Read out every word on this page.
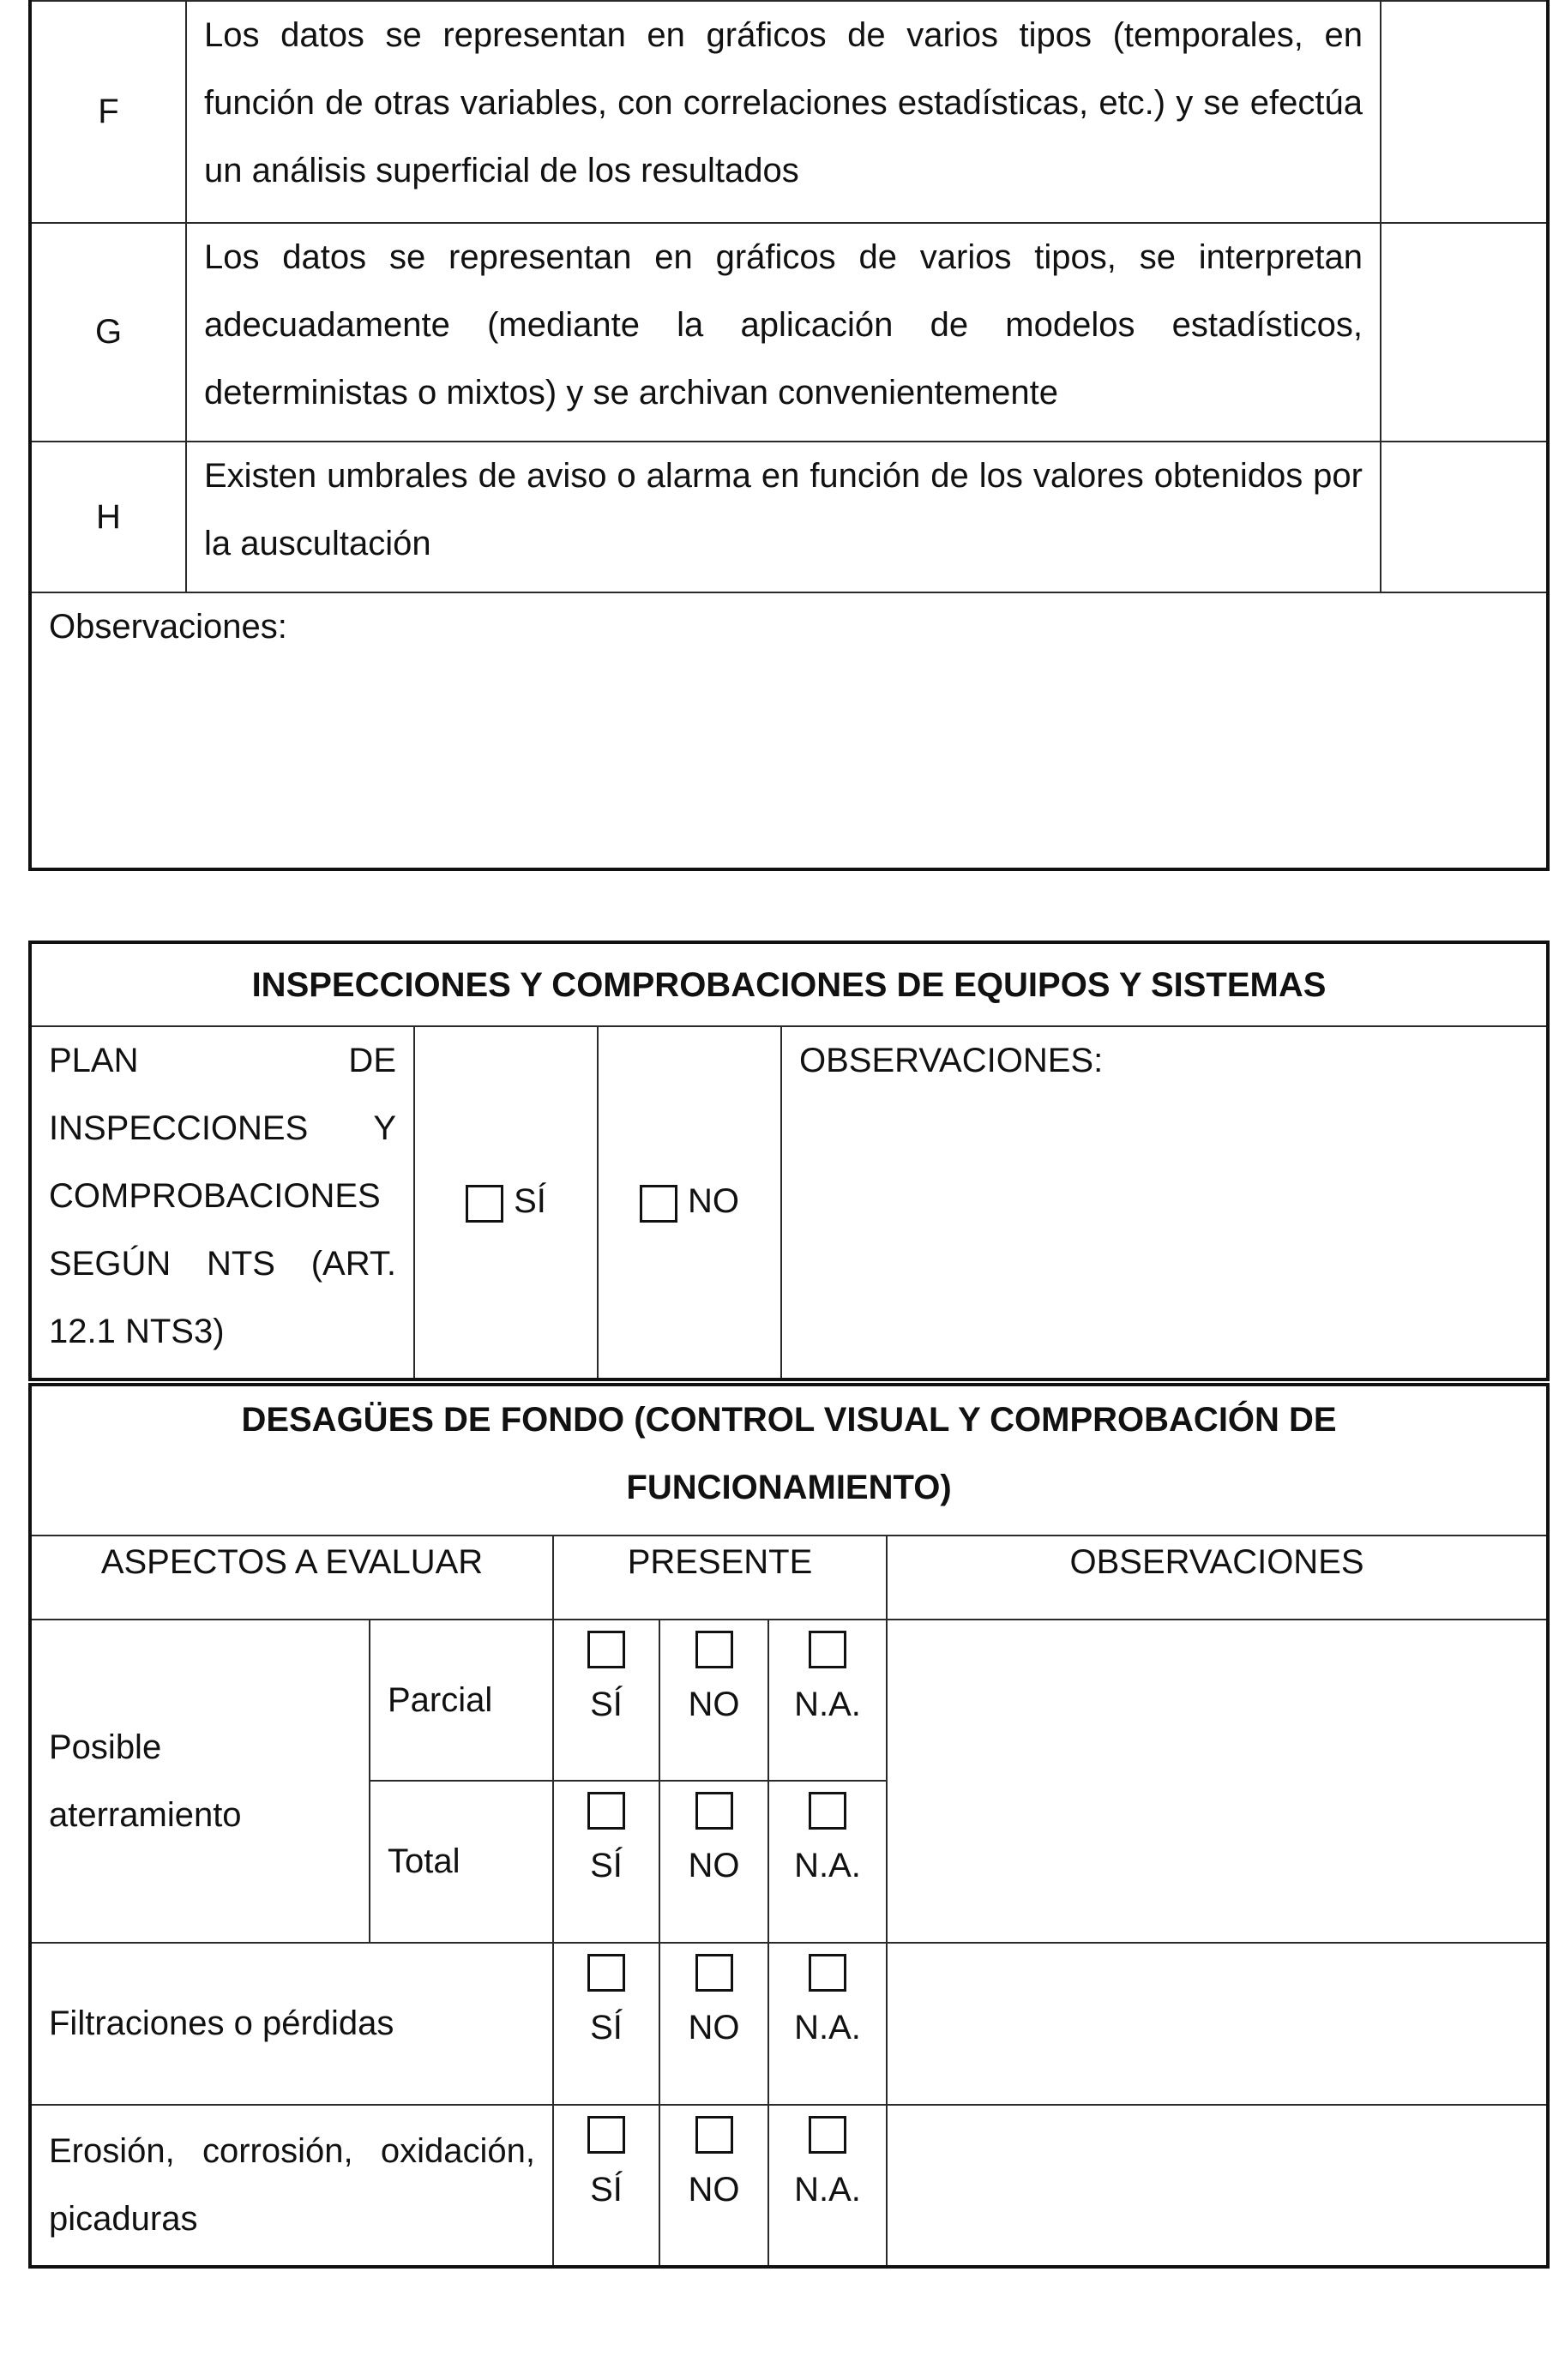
F	Los datos se representan en gráficos de varios tipos (temporales, en función de otras variables, con correlaciones estadísticas, etc.) y se efectúa un análisis superficial de los resultados	
G	Los datos se representan en gráficos de varios tipos, se interpretan adecuadamente (mediante la aplicación de modelos estadísticos, deterministas o mixtos) y se archivan convenientemente	
H	Existen umbrales de aviso o alarma en función de los valores obtenidos por la auscultación	
Observaciones:		
INSPECCIONES Y COMPROBACIONES DE EQUIPOS Y SISTEMAS
PLAN DE INSPECCIONES Y COMPROBACIONES SEGÚN NTS (ART. 12.1 NTS3)	SÍ	NO	OBSERVACIONES:
DESAGÜES DE FONDO (CONTROL VISUAL Y COMPROBACIÓN DE FUNCIONAMIENTO)					
ASPECTOS A EVALUAR		PRESENTE			OBSERVACIONES
Posible aterramiento	Parcial	SÍ	NO	N.A.	

	Total	SÍ	NO	N.A.	

Filtraciones o pérdidas		SÍ	NO	N.A.	

Erosión, corrosión, oxidación, picaduras		SÍ	NO	N.A.	
